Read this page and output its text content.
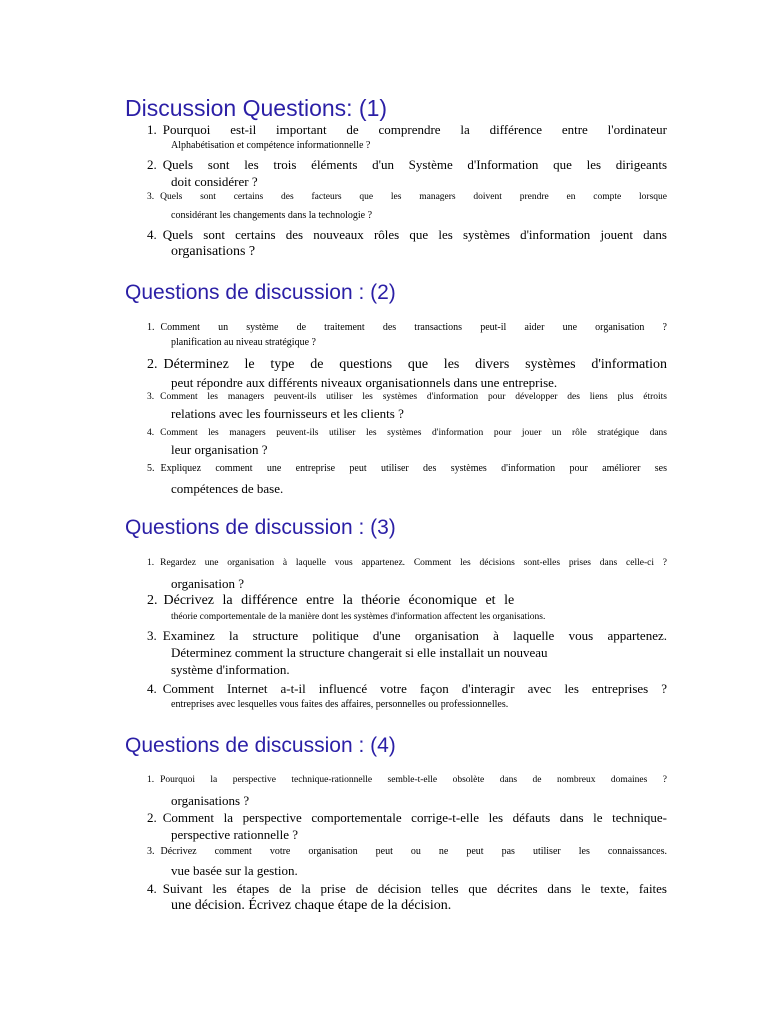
Discussion Questions: (1)
1. Pourquoi est-il important de comprendre la différence entre l'ordinateur
Alphabétisation et compétence informationnelle ?
2. Quels sont les trois éléments d'un Système d'Information que les dirigeants
doit considérer ?
3. Quels sont certains des facteurs que les managers doivent prendre en compte lorsque
considérant les changements dans la technologie ?
4. Quels sont certains des nouveaux rôles que les systèmes d'information jouent dans
organisations ?
Questions de discussion : (2)
1. Comment un système de traitement des transactions peut-il aider une organisation ?
planification au niveau stratégique ?
2. Déterminez le type de questions que les divers systèmes d'information
peut répondre aux différents niveaux organisationnels dans une entreprise.
3. Comment les managers peuvent-ils utiliser les systèmes d'information pour développer des liens plus étroits
relations avec les fournisseurs et les clients ?
4. Comment les managers peuvent-ils utiliser les systèmes d'information pour jouer un rôle stratégique dans
leur organisation ?
5. Expliquez comment une entreprise peut utiliser des systèmes d'information pour améliorer ses
compétences de base.
Questions de discussion : (3)
1. Regardez une organisation à laquelle vous appartenez. Comment les décisions sont-elles prises dans celle-ci ?
organisation ?
2. Décrivez la différence entre la théorie économique et le
théorie comportementale de la manière dont les systèmes d'information affectent les organisations.
3. Examinez la structure politique d'une organisation à laquelle vous appartenez.
Déterminez comment la structure changerait si elle installait un nouveau
système d'information.
4. Comment Internet a-t-il influencé votre façon d'interagir avec les entreprises ?
entreprises avec lesquelles vous faites des affaires, personnelles ou professionnelles.
Questions de discussion : (4)
1. Pourquoi la perspective technique-rationnelle semble-t-elle obsolète dans de nombreux domaines ?
organisations ?
2. Comment la perspective comportementale corrige-t-elle les défauts dans le technique-
perspective rationnelle ?
3. Décrivez comment votre organisation peut ou ne peut pas utiliser les connaissances.
vue basée sur la gestion.
4. Suivant les étapes de la prise de décision telles que décrites dans le texte, faites
une décision. Écrivez chaque étape de la décision.
